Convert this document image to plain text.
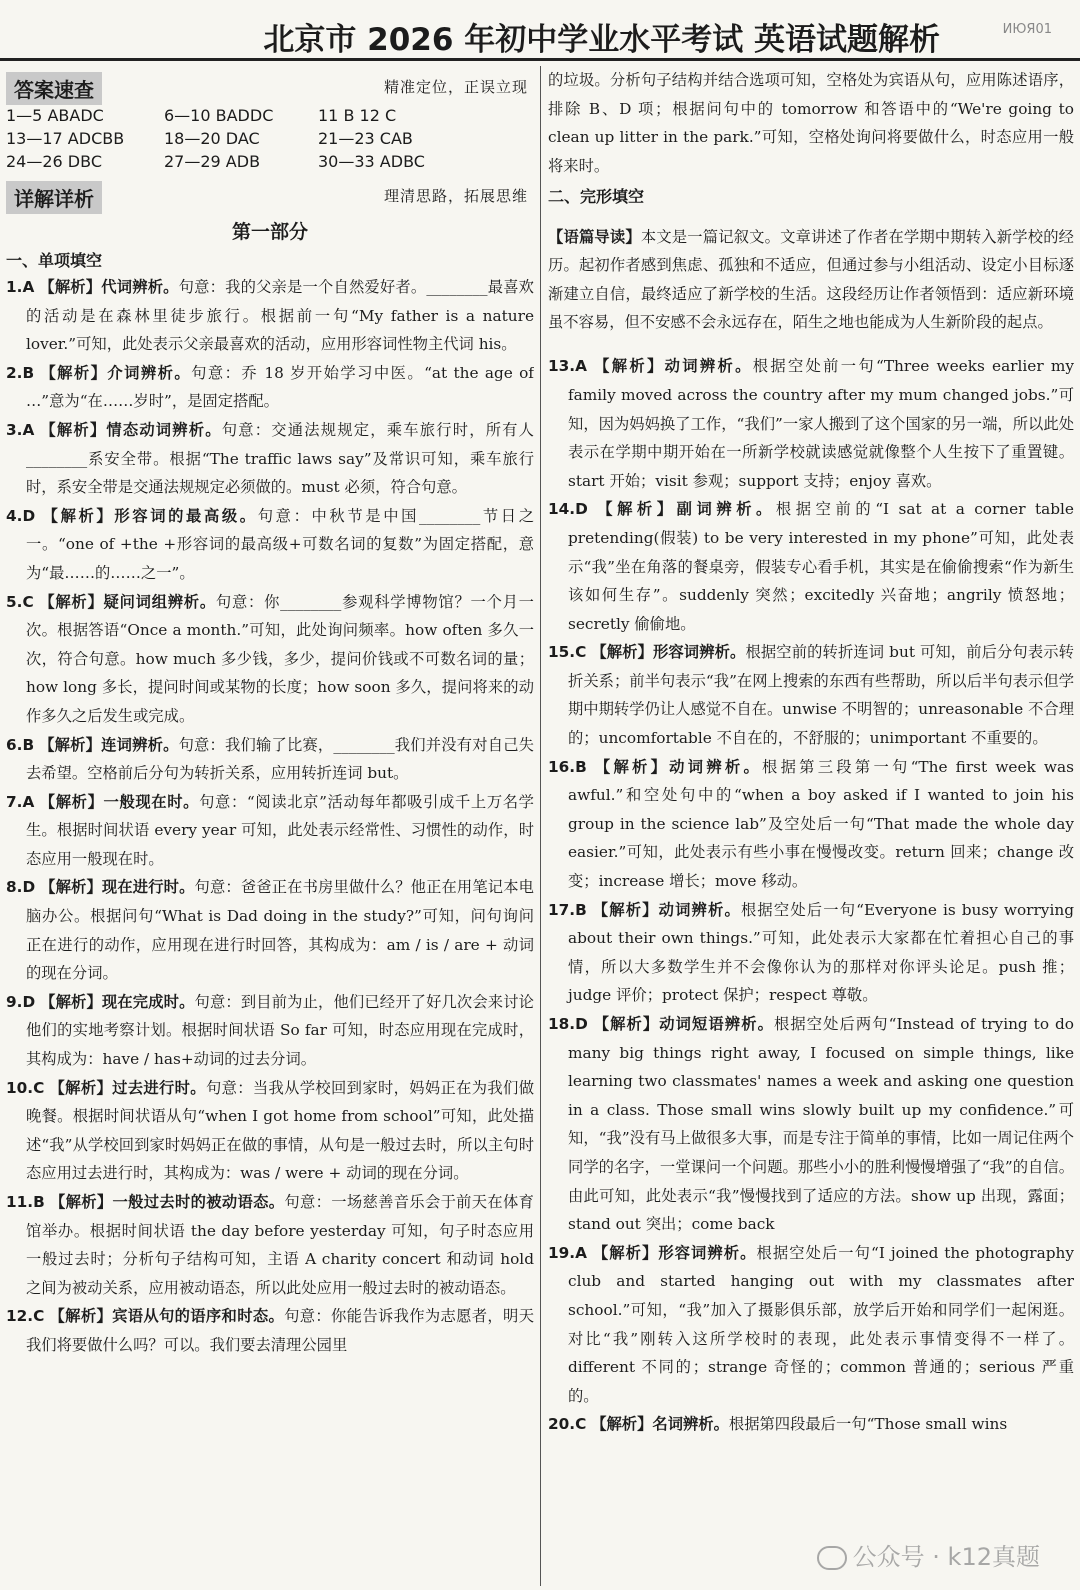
北京市 2026 年初中学业水平考试 英语试题解析	ИЮЯ01
答案速查	精准定位，正误立现
1—5 ABADC	6—10 BADDC	11 B 12 C
13—17 ADCBB	18—20 DAC	21—23 CAB
24—26 DBC	27—29 ADB	30—33 ADBC
详解详析	理清思路，拓展思维
第一部分
一、单项填空

1.A 【解析】代词辨析。句意：我的父亲是一个自然爱好者。________最喜欢的活动是在森林里徒步旅行。根据前一句“My father is a nature lover.”可知，此处表示父亲最喜欢的活动，应用形容词性物主代词 his。

2.B 【解析】介词辨析。句意：乔 18 岁开始学习中医。“at the age of …”意为“在……岁时”，是固定搭配。

3.A 【解析】情态动词辨析。句意：交通法规规定，乘车旅行时，所有人________系安全带。根据“The traffic laws say”及常识可知，乘车旅行时，系安全带是交通法规规定必须做的。must 必须，符合句意。

4.D 【解析】形容词的最高级。句意：中秋节是中国________节日之一。“one of +the +形容词的最高级+可数名词的复数”为固定搭配，意为“最……的……之一”。

5.C 【解析】疑问词组辨析。句意：你________参观科学博物馆？一个月一次。根据答语“Once a month.”可知，此处询问频率。how often 多久一次，符合句意。how much 多少钱，多少，提问价钱或不可数名词的量；how long 多长，提问时间或某物的长度；how soon 多久，提问将来的动作多久之后发生或完成。

6.B 【解析】连词辨析。句意：我们输了比赛，________我们并没有对自己失去希望。空格前后分句为转折关系，应用转折连词 but。

7.A 【解析】一般现在时。句意：“阅读北京”活动每年都吸引成千上万名学生。根据时间状语 every year 可知，此处表示经常性、习惯性的动作，时态应用一般现在时。

8.D 【解析】现在进行时。句意：爸爸正在书房里做什么？他正在用笔记本电脑办公。根据问句“What is Dad doing in the study?”可知，问句询问正在进行的动作，应用现在进行时回答，其构成为：am / is / are + 动词的现在分词。

9.D 【解析】现在完成时。句意：到目前为止，他们已经开了好几次会来讨论他们的实地考察计划。根据时间状语 So far 可知，时态应用现在完成时，其构成为：have / has+动词的过去分词。

10.C 【解析】过去进行时。句意：当我从学校回到家时，妈妈正在为我们做晚餐。根据时间状语从句“when I got home from school”可知，此处描述“我”从学校回到家时妈妈正在做的事情，从句是一般过去时，所以主句时态应用过去进行时，其构成为：was / were + 动词的现在分词。

11.B 【解析】一般过去时的被动语态。句意：一场慈善音乐会于前天在体育馆举办。根据时间状语 the day before yesterday 可知，句子时态应用一般过去时；分析句子结构可知，主语 A charity concert 和动词 hold 之间为被动关系，应用被动语态，所以此处应用一般过去时的被动语态。

12.C 【解析】宾语从句的语序和时态。句意：你能告诉我作为志愿者，明天我们将要做什么吗？可以。我们要去清理公园里

的垃圾。分析句子结构并结合选项可知，空格处为宾语从句，应用陈述语序，排除 B、D 项；根据问句中的 tomorrow 和答语中的“We're going to clean up litter in the park.”可知，空格处询问将要做什么，时态应用一般将来时。

二、完形填空

【语篇导读】本文是一篇记叙文。文章讲述了作者在学期中期转入新学校的经历。起初作者感到焦虑、孤独和不适应，但通过参与小组活动、设定小目标逐渐建立自信，最终适应了新学校的生活。这段经历让作者领悟到：适应新环境虽不容易，但不安感不会永远存在，陌生之地也能成为人生新阶段的起点。

13.A 【解析】动词辨析。根据空处前一句“Three weeks earlier my family moved across the country after my mum changed jobs.”可知，因为妈妈换了工作，“我们”一家人搬到了这个国家的另一端，所以此处表示在学期中期开始在一所新学校就读感觉就像整个人生按下了重置键。start 开始；visit 参观；support 支持；enjoy 喜欢。

14.D 【解析】副词辨析。根据空前的“I sat at a corner table pretending(假装) to be very interested in my phone”可知，此处表示“我”坐在角落的餐桌旁，假装专心看手机，其实是在偷偷搜索“作为新生该如何生存”。suddenly 突然；excitedly 兴奋地；angrily 愤怒地；secretly 偷偷地。

15.C 【解析】形容词辨析。根据空前的转折连词 but 可知，前后分句表示转折关系；前半句表示“我”在网上搜索的东西有些帮助，所以后半句表示但学期中期转学仍让人感觉不自在。unwise 不明智的；unreasonable 不合理的；uncomfortable 不自在的，不舒服的；unimportant 不重要的。

16.B 【解析】动词辨析。根据第三段第一句“The first week was awful.”和空处句中的“when a boy asked if I wanted to join his group in the science lab”及空处后一句“That made the whole day easier.”可知，此处表示有些小事在慢慢改变。return 回来；change 改变；increase 增长；move 移动。

17.B 【解析】动词辨析。根据空处后一句“Everyone is busy worrying about their own things.”可知，此处表示大家都在忙着担心自己的事情，所以大多数学生并不会像你认为的那样对你评头论足。push 推；judge 评价；protect 保护；respect 尊敬。

18.D 【解析】动词短语辨析。根据空处后两句“Instead of trying to do many big things right away, I focused on simple things, like learning two classmates' names a week and asking one question in a class. Those small wins slowly built up my confidence.”可知，“我”没有马上做很多大事，而是专注于简单的事情，比如一周记住两个同学的名字，一堂课问一个问题。那些小小的胜利慢慢增强了“我”的自信。由此可知，此处表示“我”慢慢找到了适应的方法。show up 出现，露面；stand out 突出；come back

19.A 【解析】形容词辨析。根据空处后一句“I joined the photography club and started hanging out with my classmates after school.”可知，“我”加入了摄影俱乐部，放学后开始和同学们一起闲逛。对比“我”刚转入这所学校时的表现，此处表示事情变得不一样了。different 不同的；strange 奇怪的；common 普通的；serious 严重的。

20.C 【解析】名词辨析。根据第四段最后一句“Those small wins

公众号 · k12真题
